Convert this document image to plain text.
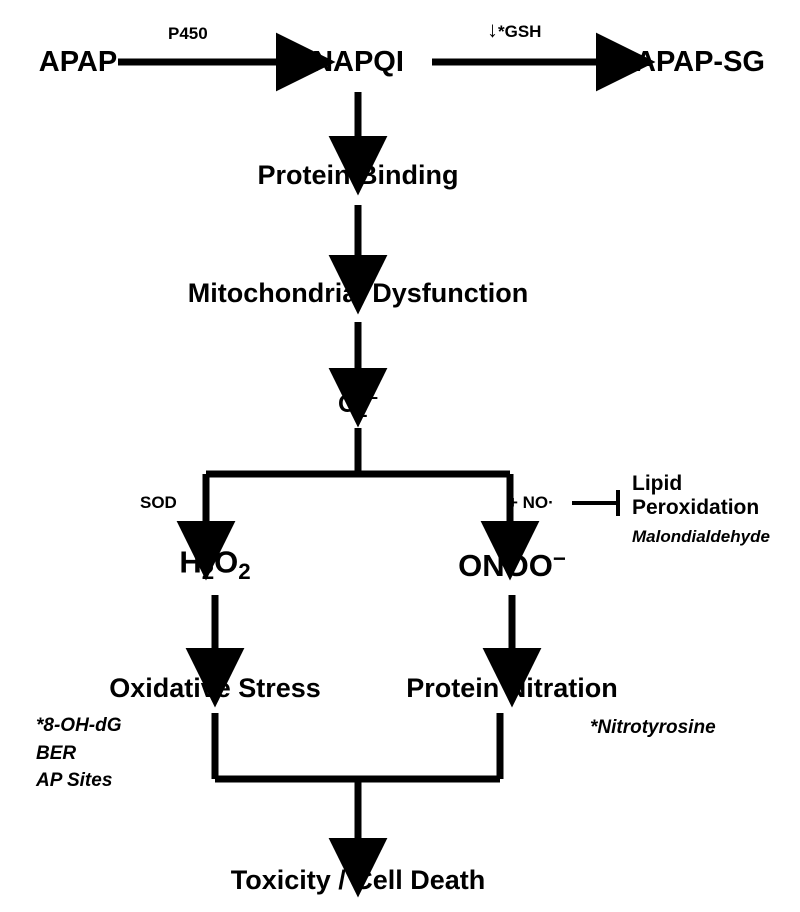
APAP	NAPQI	APAP-SG
Protein Binding
Mitochondrial Dysfunction
$O_2^-$
$H_2O_2$	ONOO−
Oxidative Stress	Protein Nitration
Toxicity / Cell Death
P450	↓*GSH
SOD	+ NO·
Lipid
Peroxidation
Malondialdehyde
*8-OH-dG
BER
AP Sites
*Nitrotyrosine
